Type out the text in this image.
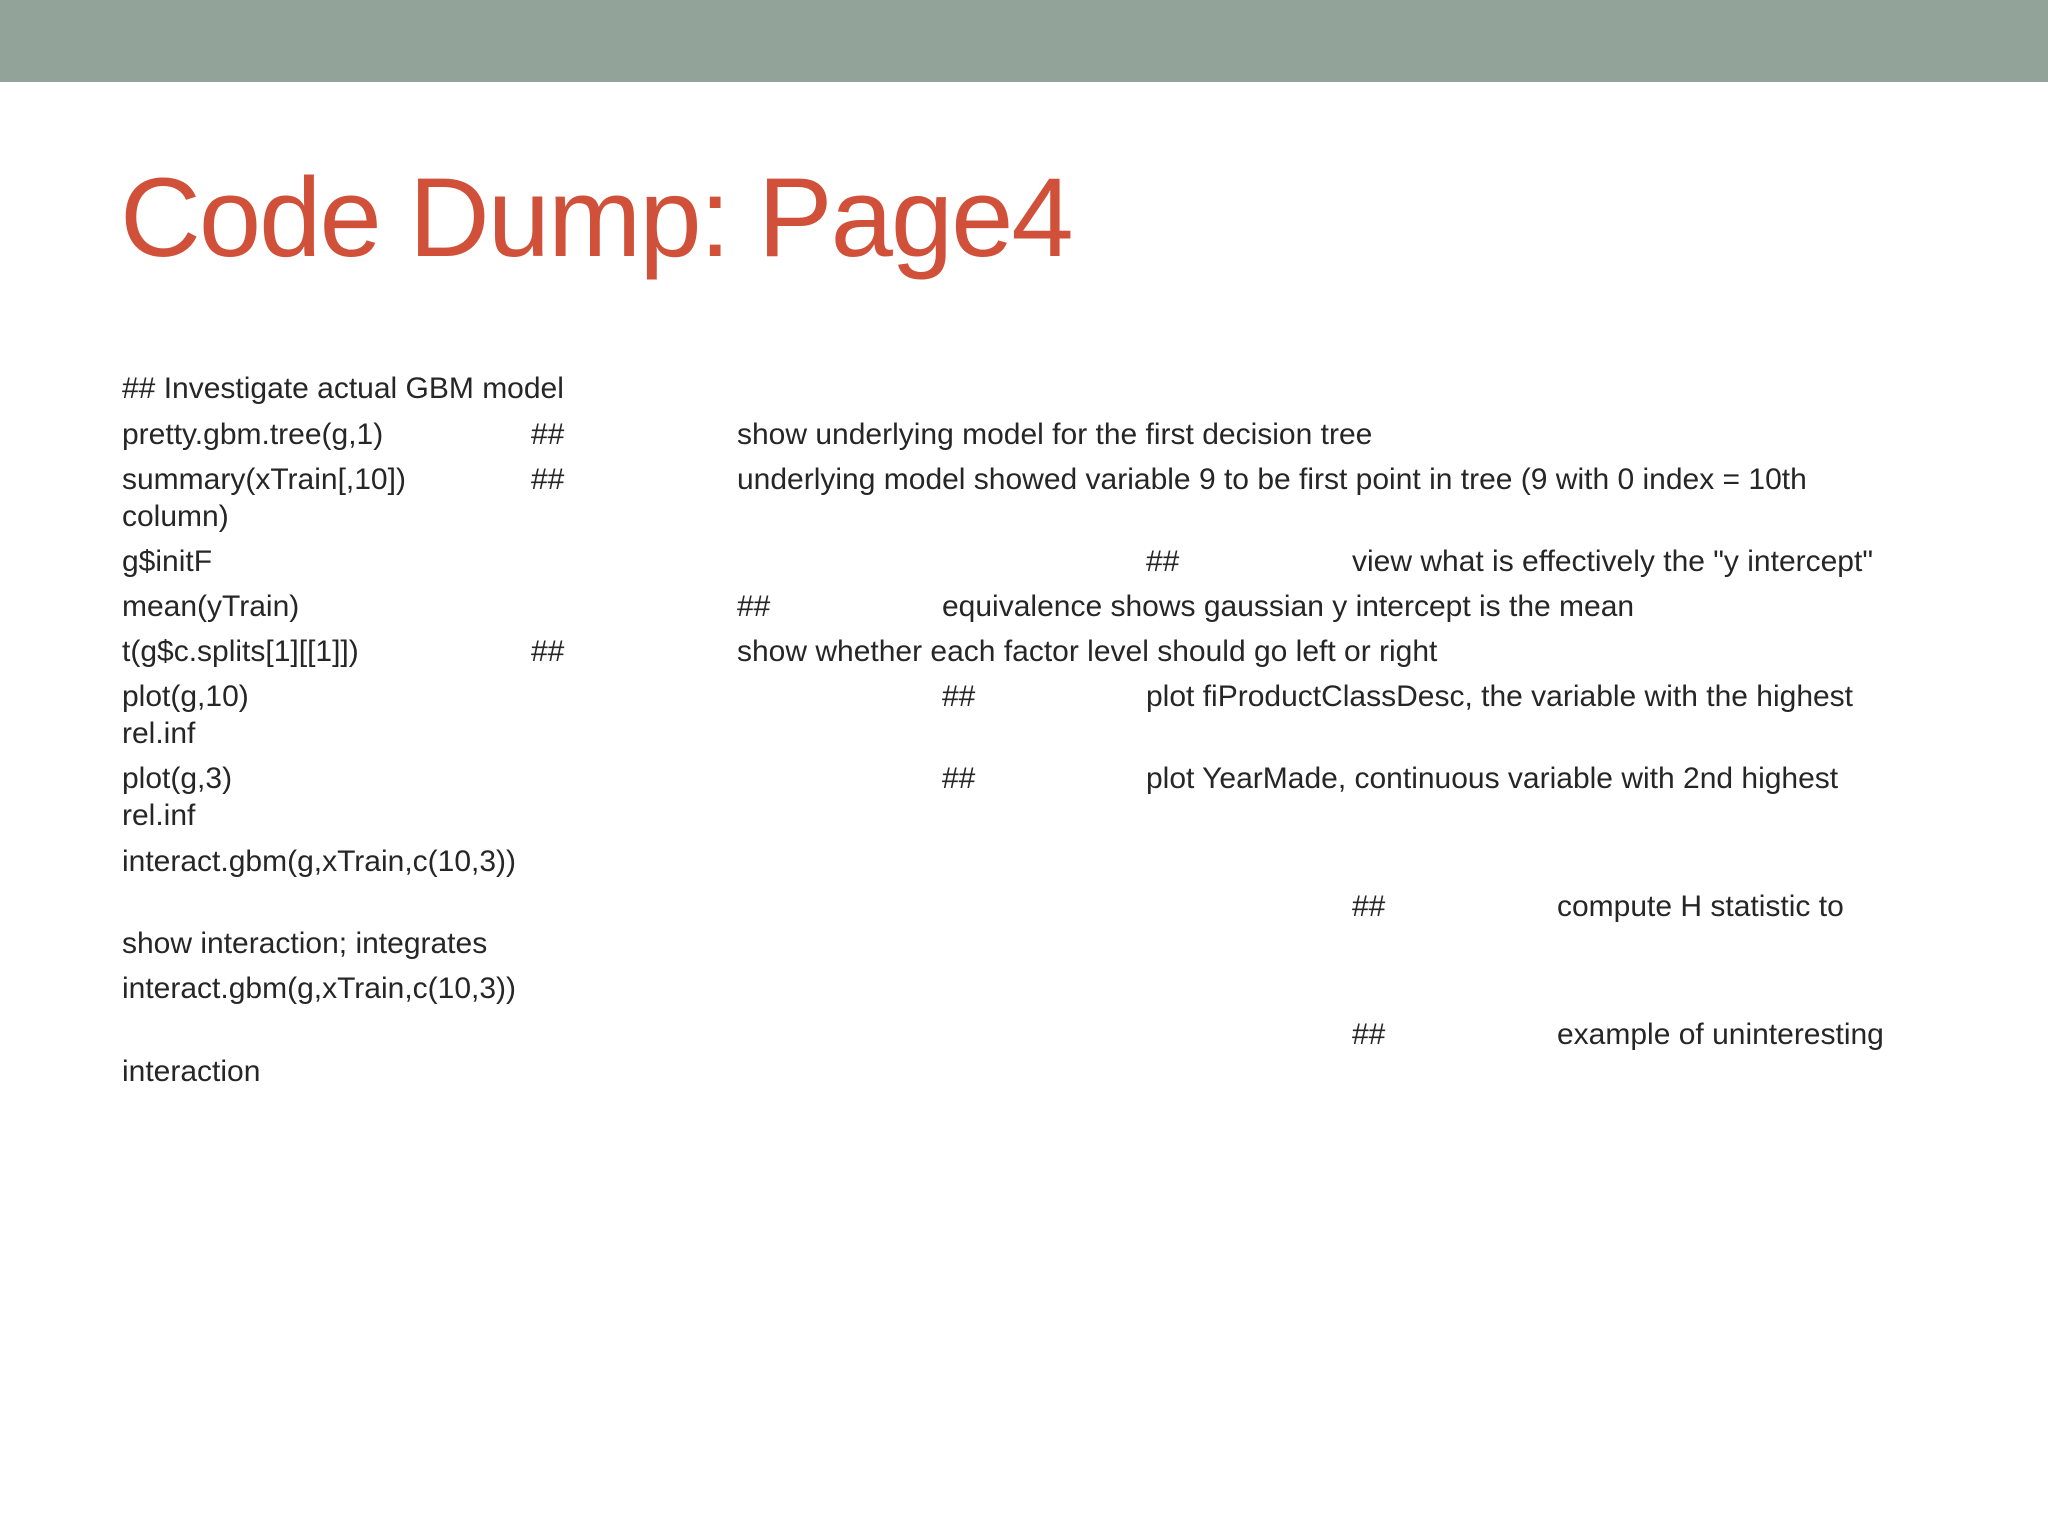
Code Dump: Page4
## Investigate actual GBM model
pretty.gbm.tree(g,1)	##	show underlying model for the first decision tree
summary(xTrain[,10])	##	underlying model showed variable 9 to be first point in tree (9 with 0 index = 10th
column)
g$initF	##	view what is effectively the "y intercept"
mean(yTrain)	##	equivalence shows gaussian y intercept is the mean
t(g$c.splits[1][[1]])	##	show whether each factor level should go left or right
plot(g,10)	##	plot fiProductClassDesc, the variable with the highest
rel.inf
plot(g,3)	##	plot YearMade, continuous variable with 2nd highest
rel.inf
interact.gbm(g,xTrain,c(10,3))
##	compute H statistic to
show interaction; integrates
interact.gbm(g,xTrain,c(10,3))
##	example of uninteresting
interaction
